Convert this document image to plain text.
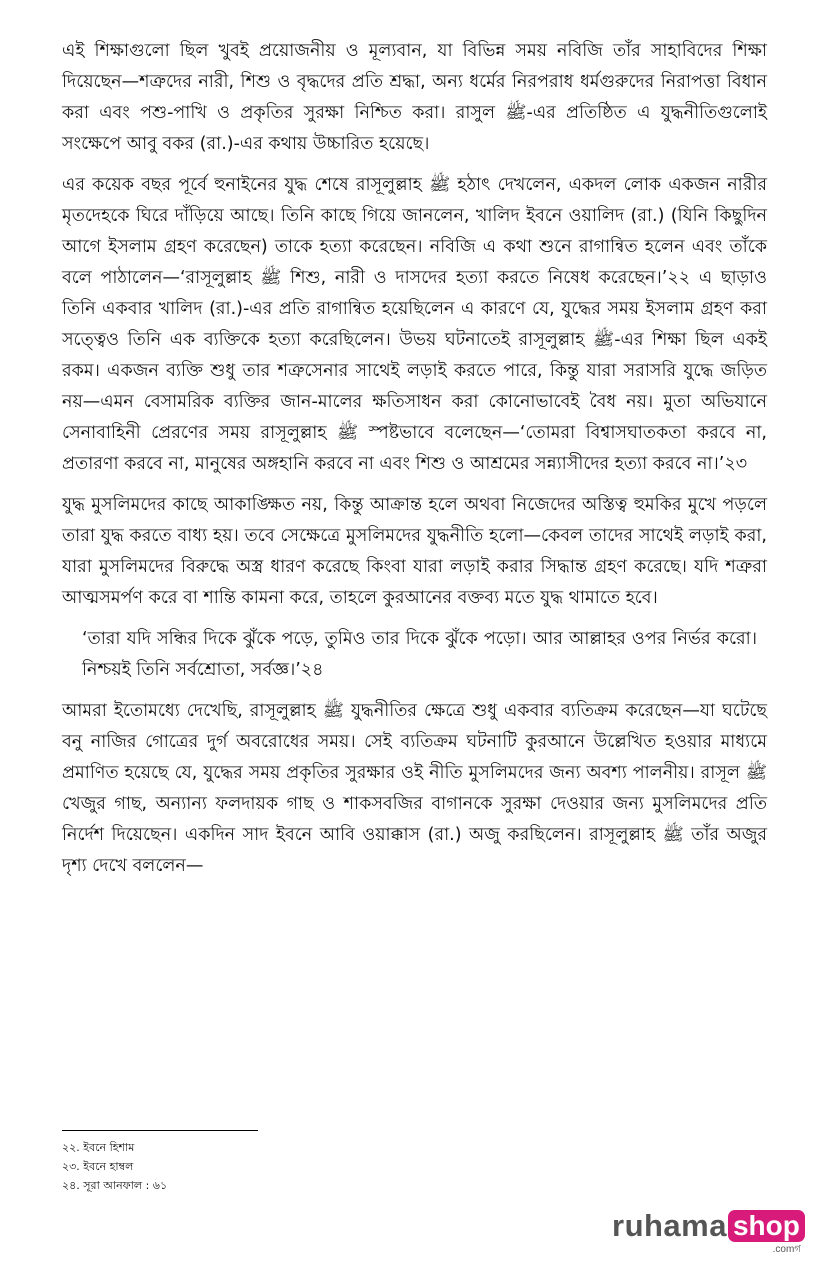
এই শিক্ষাগুলো ছিল খুবই প্রয়োজনীয় ও মূল্যবান, যা বিভিন্ন সময় নবিজি তাঁর সাহাবিদের শিক্ষা দিয়েছেন—শত্রুদের নারী, শিশু ও বৃদ্ধদের প্রতি শ্রদ্ধা, অন্য ধর্মের নিরপরাধ ধর্মগুরুদের নিরাপত্তা বিধান করা এবং পশু-পাখি ও প্রকৃতির সুরক্ষা নিশ্চিত করা। রাসুল ﷺ-এর প্রতিষ্ঠিত এ যুদ্ধনীতিগুলোই সংক্ষেপে আবু বকর (রা.)-এর কথায় উচ্চারিত হয়েছে।

এর কয়েক বছর পূর্বে হুনাইনের যুদ্ধ শেষে রাসূলুল্লাহ ﷺ হঠাৎ দেখলেন, একদল লোক একজন নারীর মৃতদেহকে ঘিরে দাঁড়িয়ে আছে। তিনি কাছে গিয়ে জানলেন, খালিদ ইবনে ওয়ালিদ (রা.) (যিনি কিছুদিন আগে ইসলাম গ্রহণ করেছেন) তাকে হত্যা করেছেন। নবিজি এ কথা শুনে রাগান্বিত হলেন এবং তাঁকে বলে পাঠালেন—‘রাসূলুল্লাহ ﷺ শিশু, নারী ও দাসদের হত্যা করতে নিষেধ করেছেন।’২২ এ ছাড়াও তিনি একবার খালিদ (রা.)-এর প্রতি রাগান্বিত হয়েছিলেন এ কারণে যে, যুদ্ধের সময় ইসলাম গ্রহণ করা সত্ত্বেও তিনি এক ব্যক্তিকে হত্যা করেছিলেন। উভয় ঘটনাতেই রাসূলুল্লাহ ﷺ-এর শিক্ষা ছিল একই রকম। একজন ব্যক্তি শুধু তার শত্রুসেনার সাথেই লড়াই করতে পারে, কিন্তু যারা সরাসরি যুদ্ধে জড়িত নয়—এমন বেসামরিক ব্যক্তির জান-মালের ক্ষতিসাধন করা কোনোভাবেই বৈধ নয়। মুতা অভিযানে সেনাবাহিনী প্রেরণের সময় রাসূলুল্লাহ ﷺ স্পষ্টভাবে বলেছেন—‘তোমরা বিশ্বাসঘাতকতা করবে না, প্রতারণা করবে না, মানুষের অঙ্গহানি করবে না এবং শিশু ও আশ্রমের সন্ন্যাসীদের হত্যা করবে না।’২৩

যুদ্ধ মুসলিমদের কাছে আকাঙ্ক্ষিত নয়, কিন্তু আক্রান্ত হলে অথবা নিজেদের অস্তিত্ব হুমকির মুখে পড়লে তারা যুদ্ধ করতে বাধ্য হয়। তবে সেক্ষেত্রে মুসলিমদের যুদ্ধনীতি হলো—কেবল তাদের সাথেই লড়াই করা, যারা মুসলিমদের বিরুদ্ধে অস্ত্র ধারণ করেছে কিংবা যারা লড়াই করার সিদ্ধান্ত গ্রহণ করেছে। যদি শত্রুরা আত্মসমর্পণ করে বা শান্তি কামনা করে, তাহলে কুরআনের বক্তব্য মতে যুদ্ধ থামাতে হবে।

‘তারা যদি সন্ধির দিকে ঝুঁকে পড়ে, তুমিও তার দিকে ঝুঁকে পড়ো। আর আল্লাহর ওপর নির্ভর করো। নিশ্চয়ই তিনি সর্বশ্রোতা, সর্বজ্ঞ।’২৪

আমরা ইতোমধ্যে দেখেছি, রাসূলুল্লাহ ﷺ যুদ্ধনীতির ক্ষেত্রে শুধু একবার ব্যতিক্রম করেছেন—যা ঘটেছে বনু নাজির গোত্রের দুর্গ অবরোধের সময়। সেই ব্যতিক্রম ঘটনাটি কুরআনে উল্লেখিত হওয়ার মাধ্যমে প্রমাণিত হয়েছে যে, যুদ্ধের সময় প্রকৃতির সুরক্ষার ওই নীতি মুসলিমদের জন্য অবশ্য পালনীয়। রাসূল ﷺ খেজুর গাছ, অন্যান্য ফলদায়ক গাছ ও শাকসবজির বাগানকে সুরক্ষা দেওয়ার জন্য মুসলিমদের প্রতি নির্দেশ দিয়েছেন। একদিন সাদ ইবনে আবি ওয়াক্কাস (রা.) অজু করছিলেন। রাসূলুল্লাহ ﷺ তাঁর অজুর দৃশ্য দেখে বললেন—

২২. ইবনে হিশাম

২৩. ইবনে হাম্বল

২৪. সূরা আনফাল : ৬১

ruhama shop
.comগ
